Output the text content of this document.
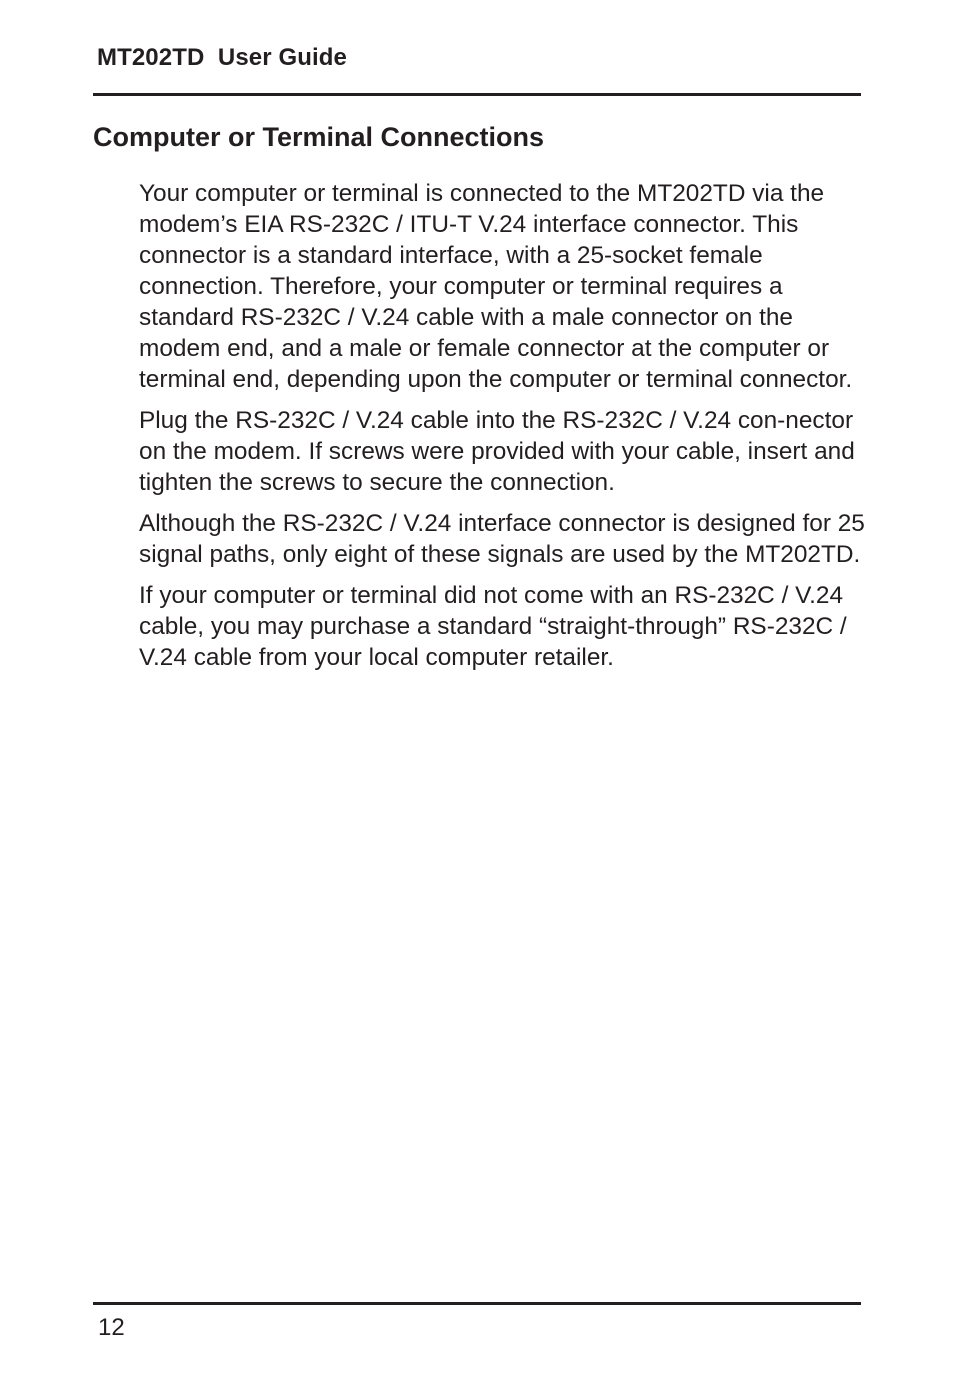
MT202TD  User Guide
Computer or Terminal Connections

Your computer or terminal is connected to the MT202TD via the modem’s EIA RS-232C / ITU-T V.24 interface connector. This connector is a standard interface, with a 25-socket female connection. Therefore, your computer or terminal requires a standard RS-232C / V.24 cable with a male connector on the modem end, and a male or female connector at the computer or terminal end, depending upon the computer or terminal connector.

Plug the RS-232C / V.24 cable into the RS-232C / V.24 con-nector on the modem. If screws were provided with your cable, insert and tighten the screws to secure the connection.

Although the RS-232C / V.24 interface connector is designed for 25 signal paths, only eight of these signals are used by the MT202TD.

If your computer or terminal did not come with an RS-232C / V.24 cable, you may purchase a standard “straight-through” RS-232C / V.24 cable from your local computer retailer.

12
